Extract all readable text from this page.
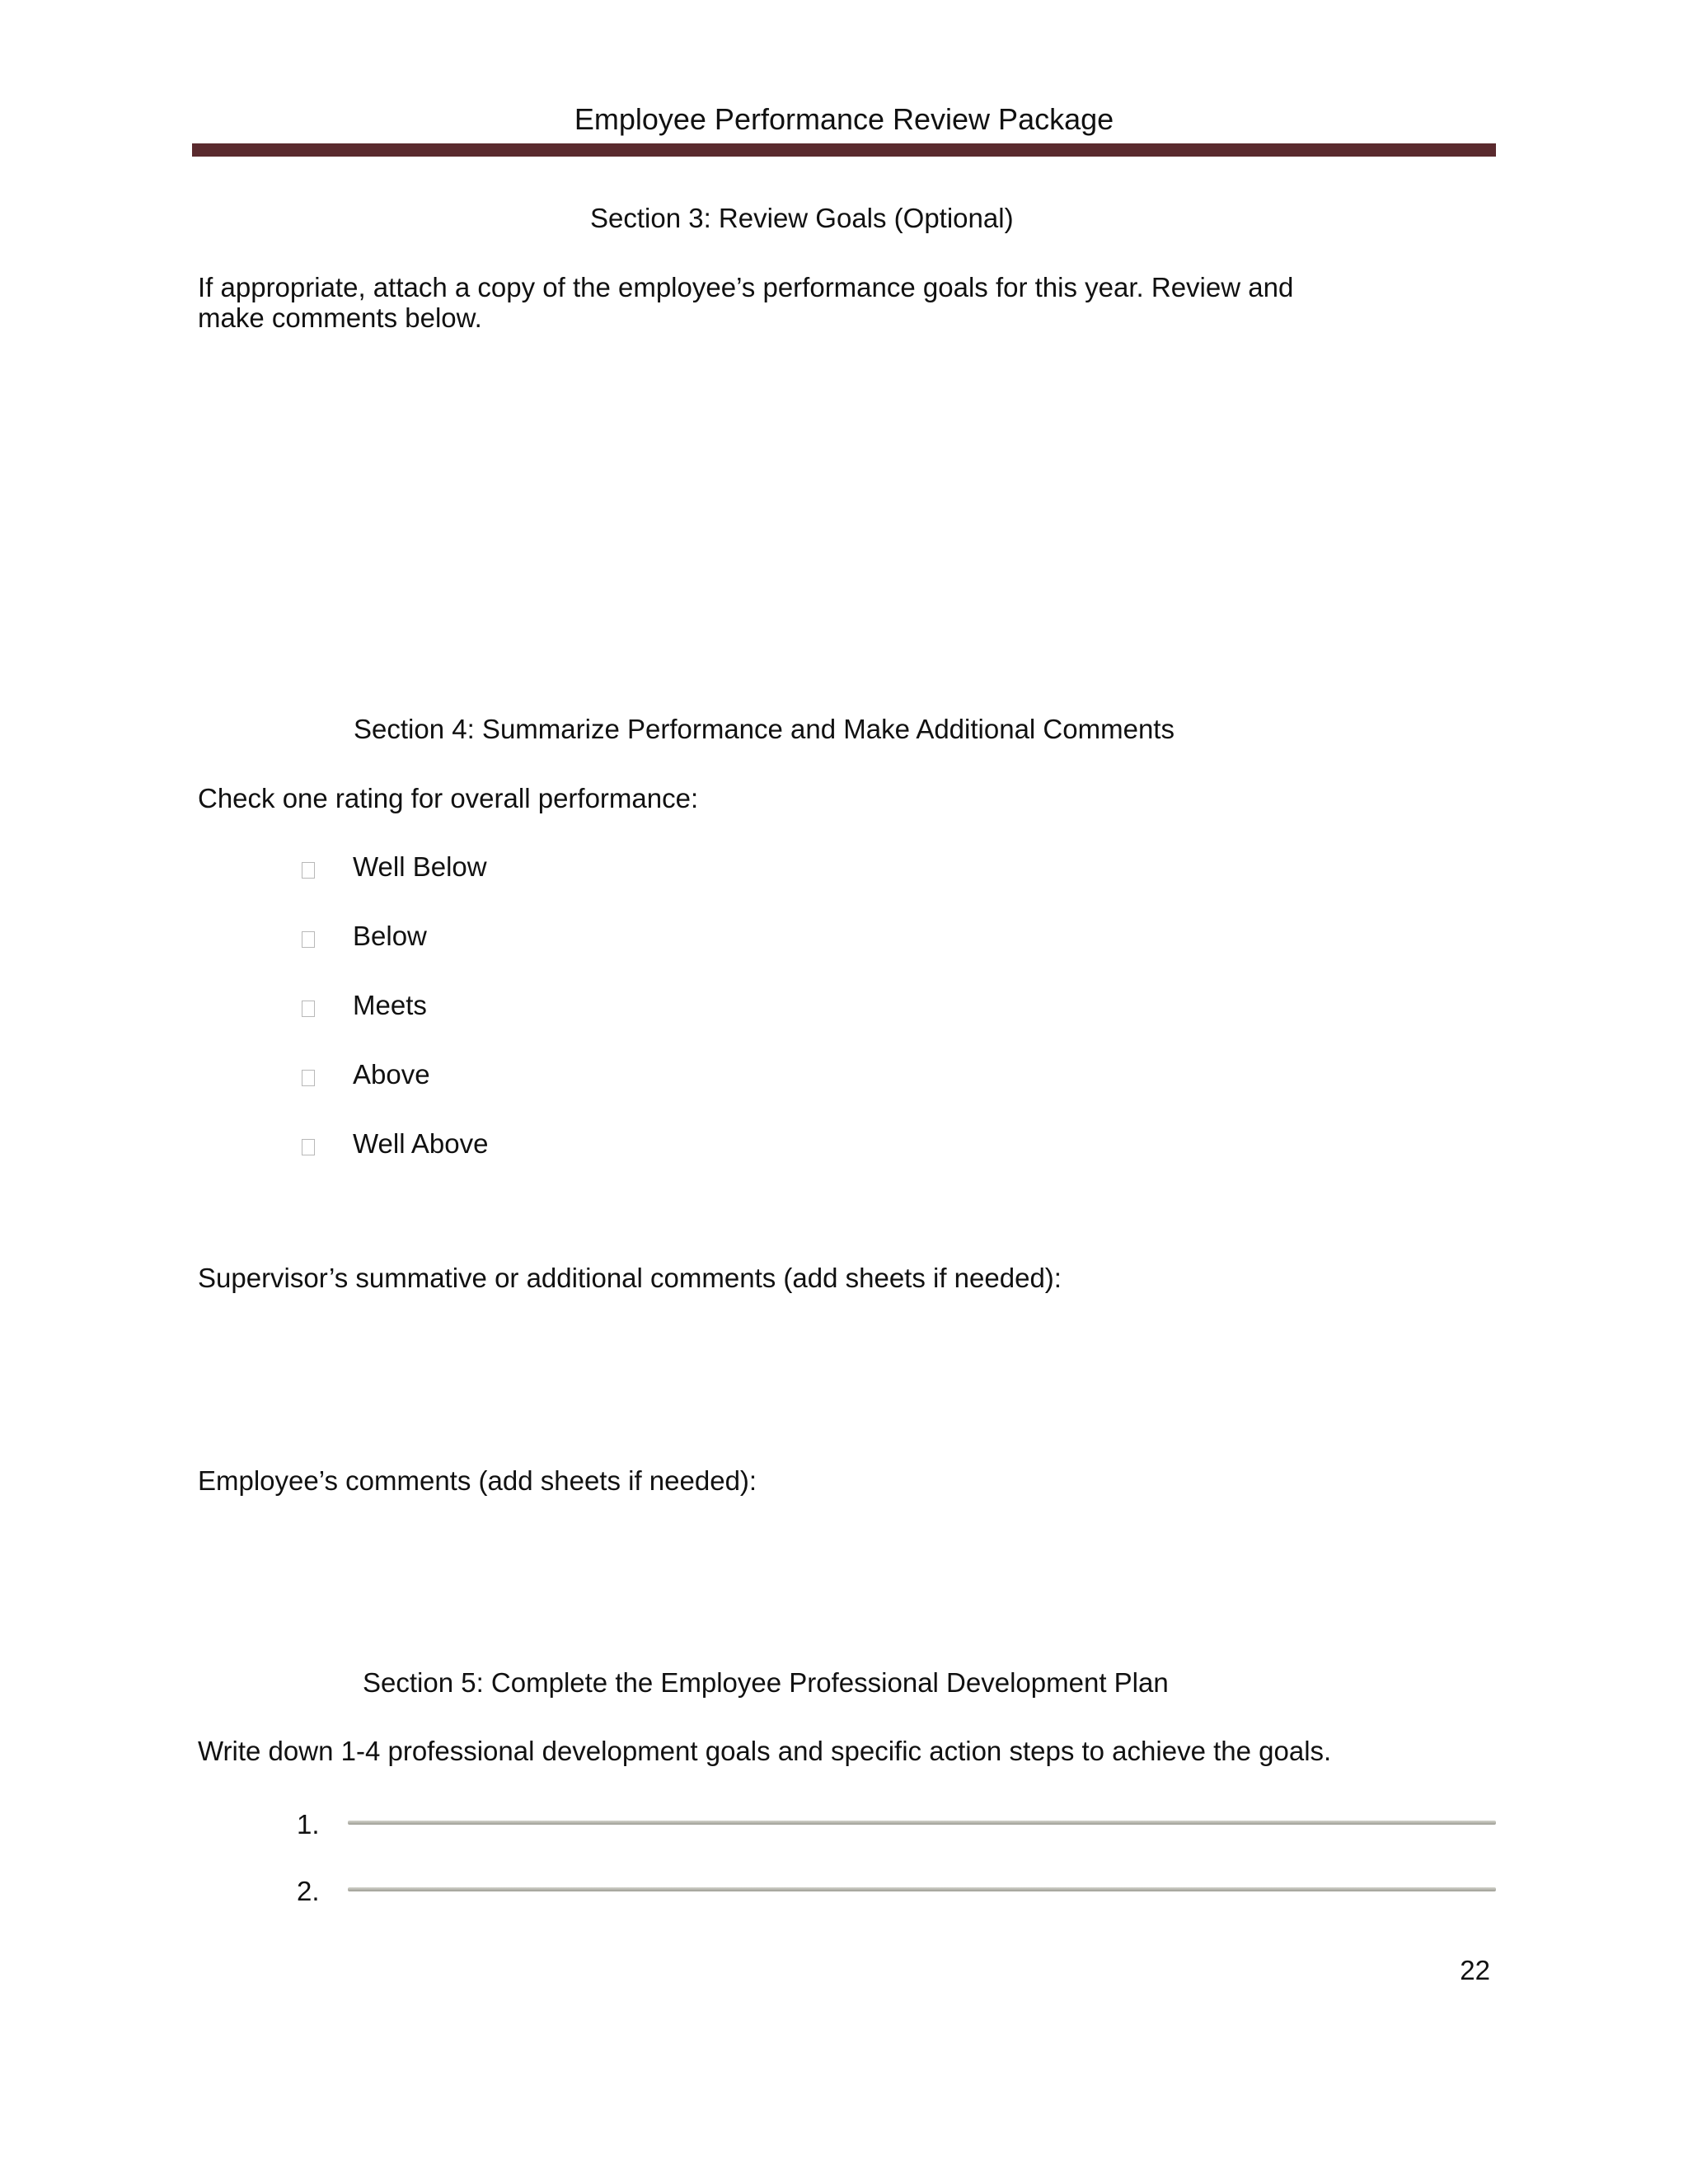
Employee Performance Review Package
Section 3: Review Goals (Optional)
If appropriate, attach a copy of the employee’s performance goals for this year. Review and
make comments below.
Section 4: Summarize Performance and Make Additional Comments
Check one rating for overall performance:
Well Below
Below
Meets
Above
Well Above
Supervisor’s summative or additional comments (add sheets if needed):
Employee’s comments (add sheets if needed):
Section 5: Complete the Employee Professional Development Plan
Write down 1-4 professional development goals and specific action steps to achieve the goals.
1.
2.
22
